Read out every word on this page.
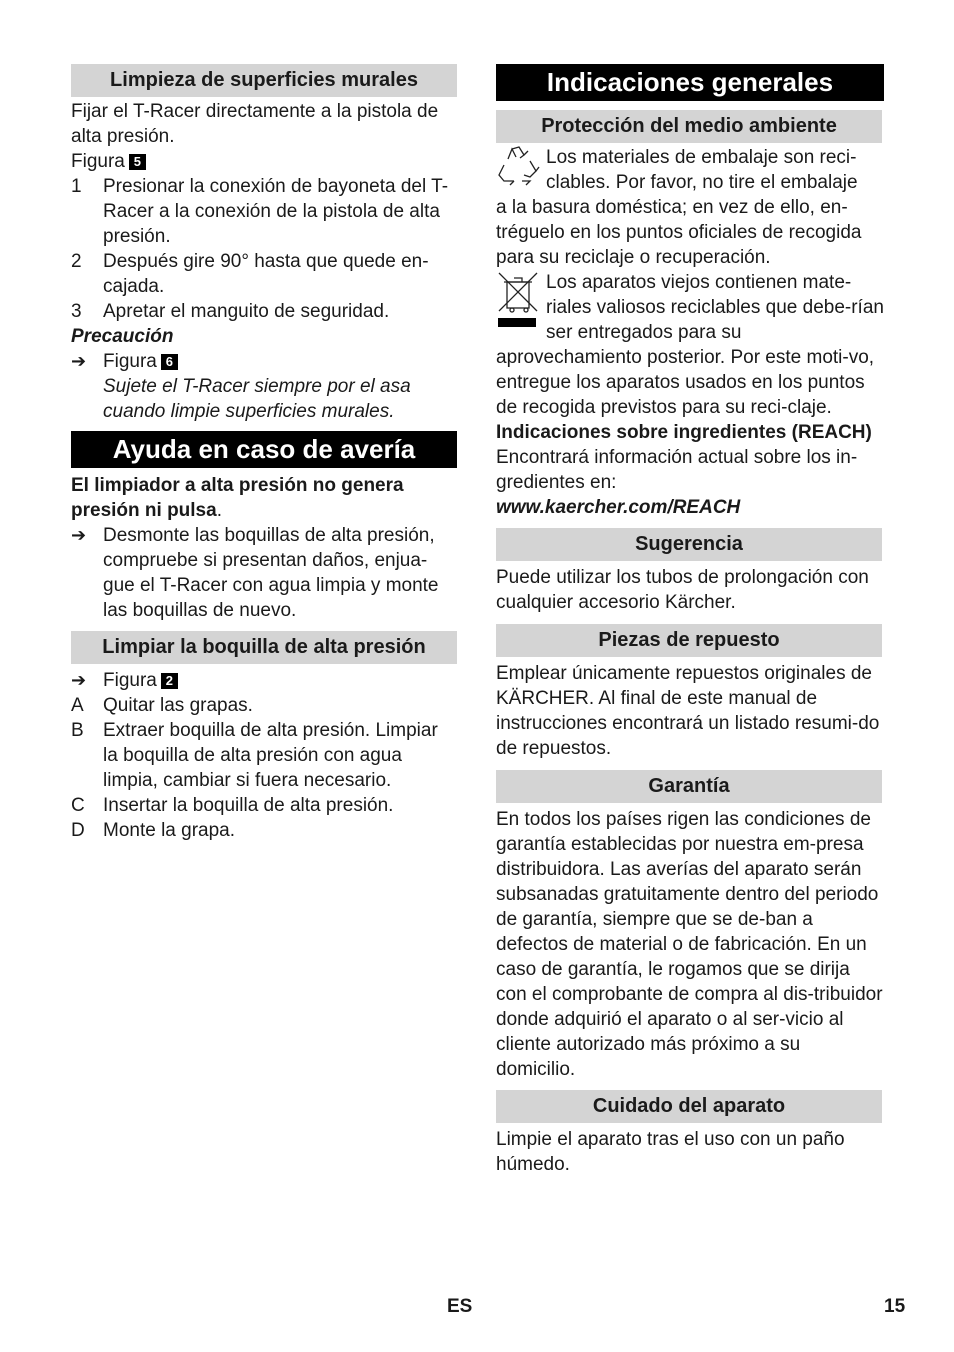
Limpieza de superficies murales

Fijar el T-Racer directamente a la pistola de alta presión.

Figura 5

1	Presionar la conexión de bayoneta del T-Racer a la conexión de la pistola de alta presión.
2	Después gire 90° hasta que quede en-cajada.
3	Apretar el manguito de seguridad.

Precaución

➔ Figura 6
Sujete el T-Racer siempre por el asa cuando limpie superficies murales.
Ayuda en caso de avería

El limpiador a alta presión no genera presión ni pulsa.

➔ Desmonte las boquillas de alta presión, compruebe si presentan daños, enjua-gue el T-Racer con agua limpia y monte las boquillas de nuevo.
Limpiar la boquilla de alta presión
➔ Figura 2
A	Quitar las grapas.
B	Extraer boquilla de alta presión. Limpiar la boquilla de alta presión con agua limpia, cambiar si fuera necesario.
C Insertar la boquilla de alta presión.
D Monte la grapa.
Indicaciones generales
Protección del medio ambiente

Los materiales de embalaje son reci-clables. Por favor, no tire el embalaje

a la basura doméstica; en vez de ello, en-tréguelo en los puntos oficiales de recogida para su reciclaje o recuperación.

Los aparatos viejos contienen mate-riales valiosos reciclables que debe-rían ser entregados para su

aprovechamiento posterior. Por este moti-vo, entregue los aparatos usados en los puntos de recogida previstos para su reci-claje.

Indicaciones sobre ingredientes (REACH)

Encontrará información actual sobre los in-gredientes en:

www.kaercher.com/REACH

Sugerencia

Puede utilizar los tubos de prolongación con cualquier accesorio Kärcher.

Piezas de repuesto

Emplear únicamente repuestos originales de KÄRCHER. Al final de este manual de instrucciones encontrará un listado resumi-do de repuestos.

Garantía

En todos los países rigen las condiciones de garantía establecidas por nuestra em-presa distribuidora. Las averías del aparato serán subsanadas gratuitamente dentro del periodo de garantía, siempre que se de-ban a defectos de material o de fabricación. En un caso de garantía, le rogamos que se dirija con el comprobante de compra al dis-tribuidor donde adquirió el aparato o al ser-vicio al cliente autorizado más próximo a su domicilio.

Cuidado del aparato

Limpie el aparato tras el uso con un paño húmedo.

ES	15
